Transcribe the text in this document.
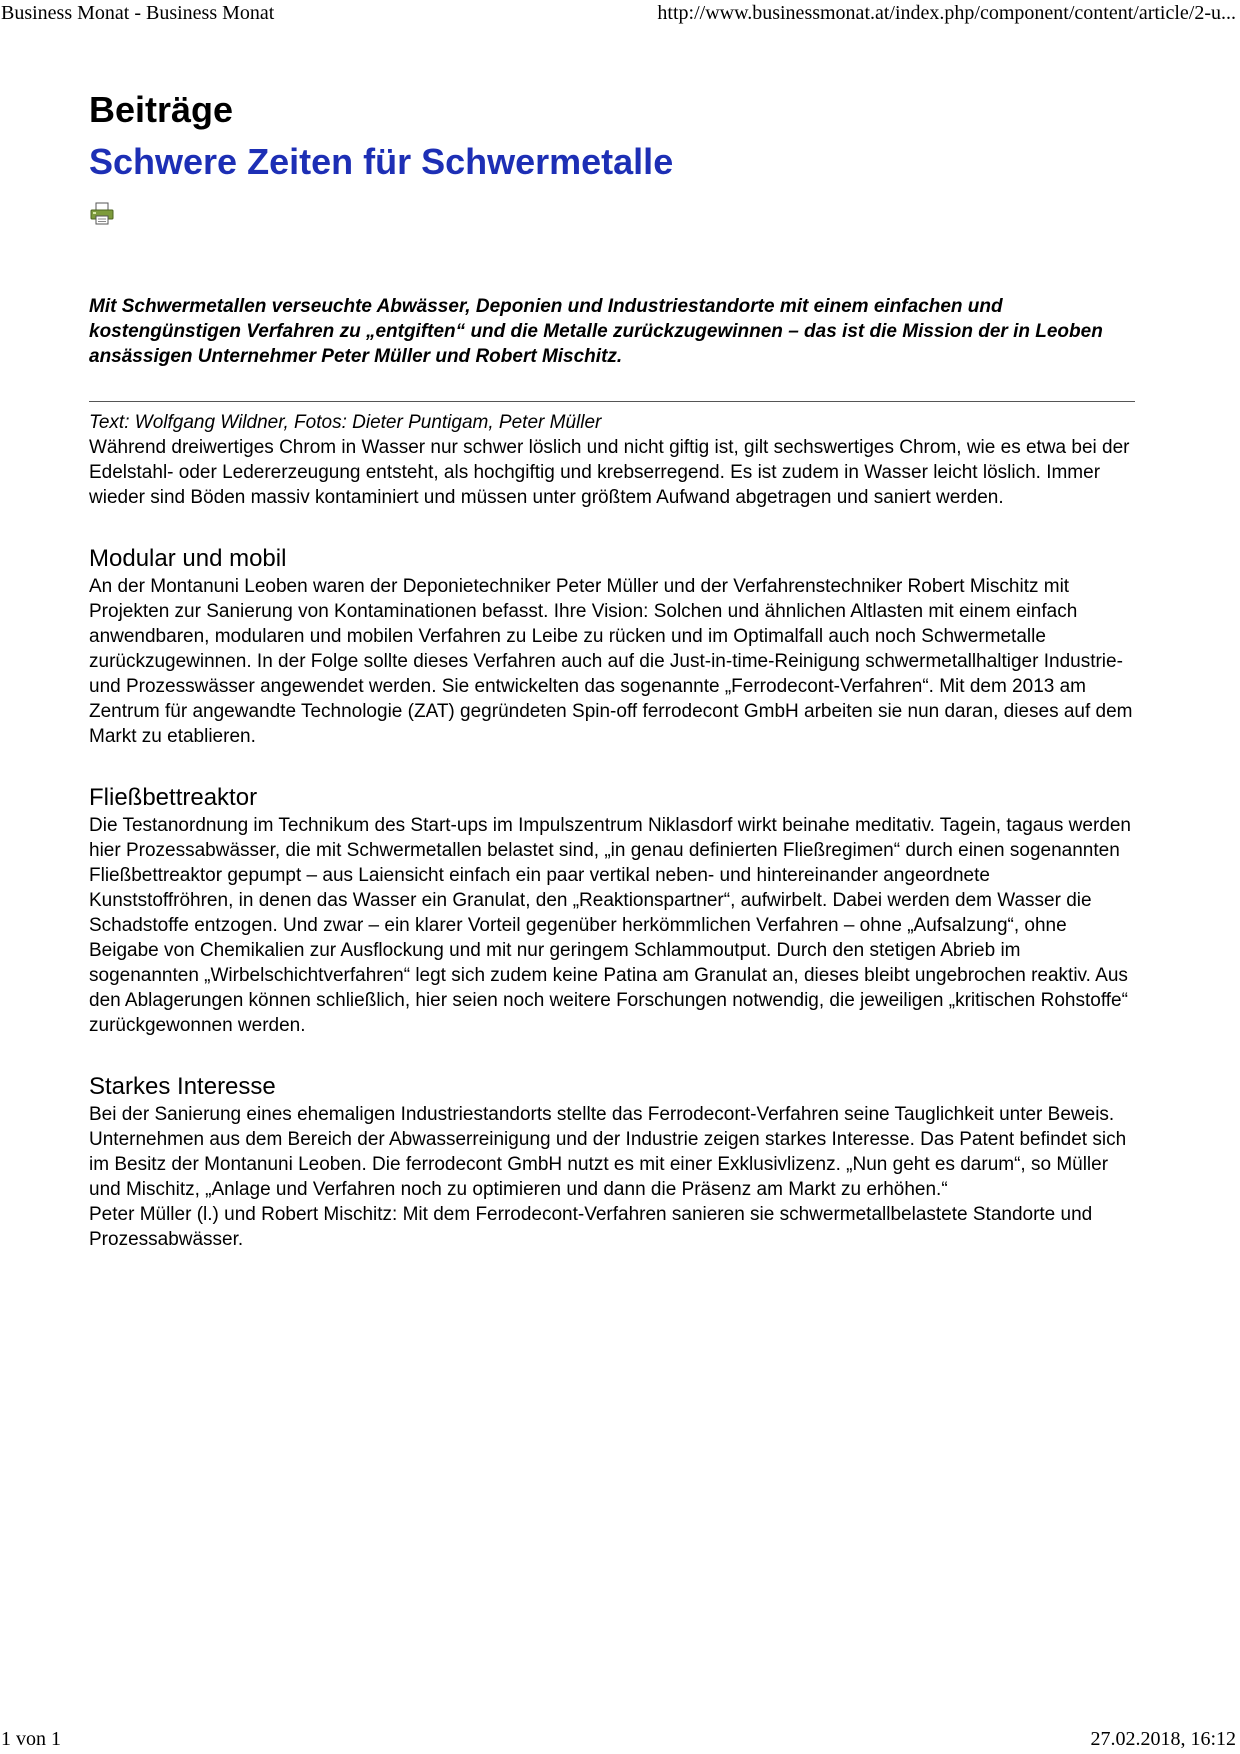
Business Monat - Business Monat	http://www.businessmonat.at/index.php/component/content/article/2-u...
Beiträge
Schwere Zeiten für Schwermetalle

Mit Schwermetallen verseuchte Abwässer, Deponien und Industriestandorte mit einem einfachen und kostengünstigen Verfahren zu „entgiften“ und die Metalle zurückzugewinnen – das ist die Mission der in Leoben ansässigen Unternehmer Peter Müller und Robert Mischitz.

Text: Wolfgang Wildner, Fotos: Dieter Puntigam, Peter Müller

Während dreiwertiges Chrom in Wasser nur schwer löslich und nicht giftig ist, gilt sechswertiges Chrom, wie es etwa bei der Edelstahl- oder Ledererzeugung entsteht, als hochgiftig und krebserregend. Es ist zudem in Wasser leicht löslich. Immer wieder sind Böden massiv kontaminiert und müssen unter größtem Aufwand abgetragen und saniert werden.

Modular und mobil

An der Montanuni Leoben waren der Deponietechniker Peter Müller und der Verfahrenstechniker Robert Mischitz mit Projekten zur Sanierung von Kontaminationen befasst. Ihre Vision: Solchen und ähnlichen Altlasten mit einem einfach anwendbaren, modularen und mobilen Verfahren zu Leibe zu rücken und im Optimalfall auch noch Schwermetalle zurückzugewinnen. In der Folge sollte dieses Verfahren auch auf die Just-in-time-Reinigung schwermetallhaltiger Industrie- und Prozesswässer angewendet werden. Sie entwickelten das sogenannte „Ferrodecont-Verfahren“. Mit dem 2013 am Zentrum für angewandte Technologie (ZAT) gegründeten Spin-off ferrodecont GmbH arbeiten sie nun daran, dieses auf dem Markt zu etablieren.

Fließbettreaktor

Die Testanordnung im Technikum des Start-ups im Impulszentrum Niklasdorf wirkt beinahe meditativ. Tagein, tagaus werden hier Prozessabwässer, die mit Schwermetallen belastet sind, „in genau definierten Fließregimen“ durch einen sogenannten Fließbettreaktor gepumpt – aus Laiensicht einfach ein paar vertikal neben- und hintereinander angeordnete Kunststoffröhren, in denen das Wasser ein Granulat, den „Reaktionspartner“, aufwirbelt. Dabei werden dem Wasser die Schadstoffe entzogen. Und zwar – ein klarer Vorteil gegenüber herkömmlichen Verfahren – ohne „Aufsalzung“, ohne Beigabe von Chemikalien zur Ausflockung und mit nur geringem Schlammoutput. Durch den stetigen Abrieb im sogenannten „Wirbelschichtverfahren“ legt sich zudem keine Patina am Granulat an, dieses bleibt ungebrochen reaktiv. Aus den Ablagerungen können schließlich, hier seien noch weitere Forschungen notwendig, die jeweiligen „kritischen Rohstoffe“ zurückgewonnen werden.

Starkes Interesse

Bei der Sanierung eines ehemaligen Industriestandorts stellte das Ferrodecont-Verfahren seine Tauglichkeit unter Beweis. Unternehmen aus dem Bereich der Abwasserreinigung und der Industrie zeigen starkes Interesse. Das Patent befindet sich im Besitz der Montanuni Leoben. Die ferrodecont GmbH nutzt es mit einer Exklusivlizenz. „Nun geht es darum“, so Müller und Mischitz, „Anlage und Verfahren noch zu optimieren und dann die Präsenz am Markt zu erhöhen.“

Peter Müller (l.) und Robert Mischitz: Mit dem Ferrodecont-Verfahren sanieren sie schwermetallbelastete Standorte und Prozessabwässer.

1 von 1	27.02.2018, 16:12
